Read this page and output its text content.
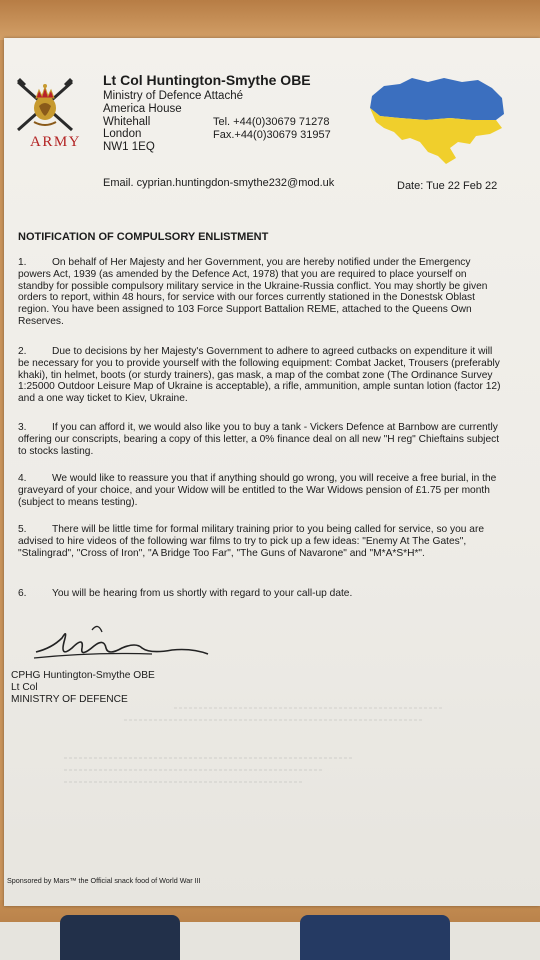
ARMY
Lt Col Huntington-Smythe OBE
Ministry of Defence Attaché
America House
Whitehall
London
NW1 1EQ
Tel. +44(0)30679 71278
Fax.+44(0)30679 31957
Email. cyprian.huntingdon-smythe232@mod.uk	Date: Tue 22 Feb 22
NOTIFICATION OF COMPULSORY ENLISTMENT
1.	On behalf of Her Majesty and her Government, you are hereby notified under the Emergency powers Act, 1939 (as amended by the Defence Act, 1978) that you are required to place yourself on standby for possible compulsory military service in the Ukraine-Russia conflict. You may shortly be given orders to report, within 48 hours, for service with our forces currently stationed in the Donestsk Oblast region. You have been assigned to 103 Force Support Battalion REME, attached to the Queens Own Reserves.
2.	Due to decisions by her Majesty's Government to adhere to agreed cutbacks on expenditure it will be necessary for you to provide yourself with the following equipment: Combat Jacket, Trousers (preferably khaki), tin helmet, boots (or sturdy trainers), gas mask, a map of the combat zone (The Ordinance Survey 1:25000 Outdoor Leisure Map of Ukraine is acceptable), a rifle, ammunition, ample suntan lotion (factor 12) and a one way ticket to Kiev, Ukraine.
3.	If you can afford it, we would also like you to buy a tank - Vickers Defence at Barnbow are currently offering our conscripts, bearing a copy of this letter, a 0% finance deal on all new "H reg" Chieftains subject to stocks lasting.
4.	We would like to reassure you that if anything should go wrong, you will receive a free burial, in the graveyard of your choice, and your Widow will be entitled to the War Widows pension of £1.75 per month (subject to means testing).
5.	There will be little time for formal military training prior to you being called for service, so you are advised to hire videos of the following war films to try to pick up a few ideas: "Enemy At The Gates", "Stalingrad", "Cross of Iron", "A Bridge Too Far", "The Guns of Navarone" and "M*A*S*H*".
6.	You will be hearing from us shortly with regard to your call-up date.
CPHG Huntington-Smythe OBE
Lt Col
MINISTRY OF DEFENCE
Sponsored by Mars™ the Official snack food of World War III
